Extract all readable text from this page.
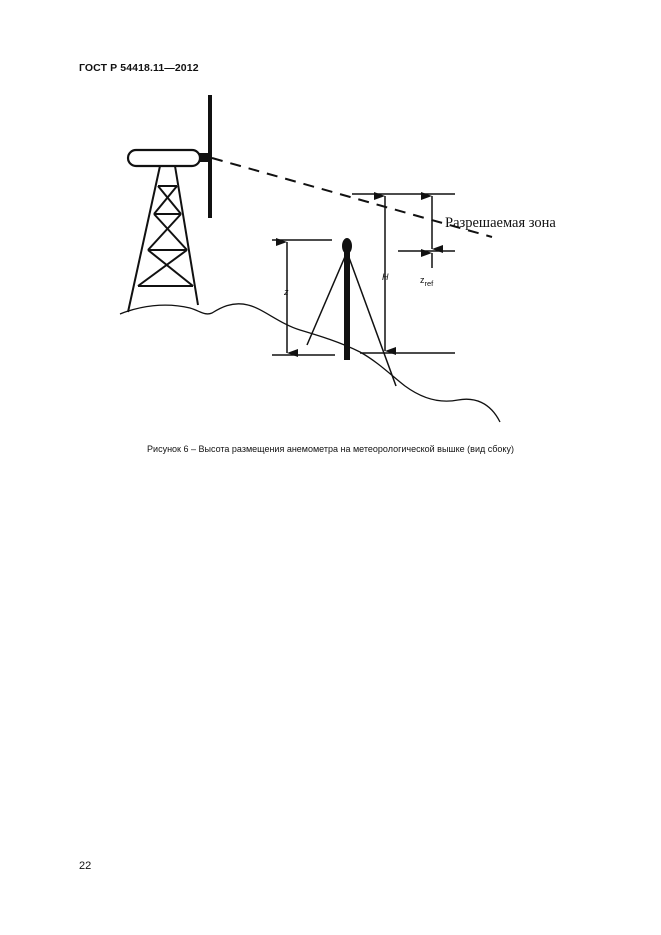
ГОСТ Р 54418.11—2012
Разрешаемая зона
H
z
$z_{ref}$
Рисунок 6 – Высота размещения анемометра на метеорологической вышке (вид сбоку)
22
